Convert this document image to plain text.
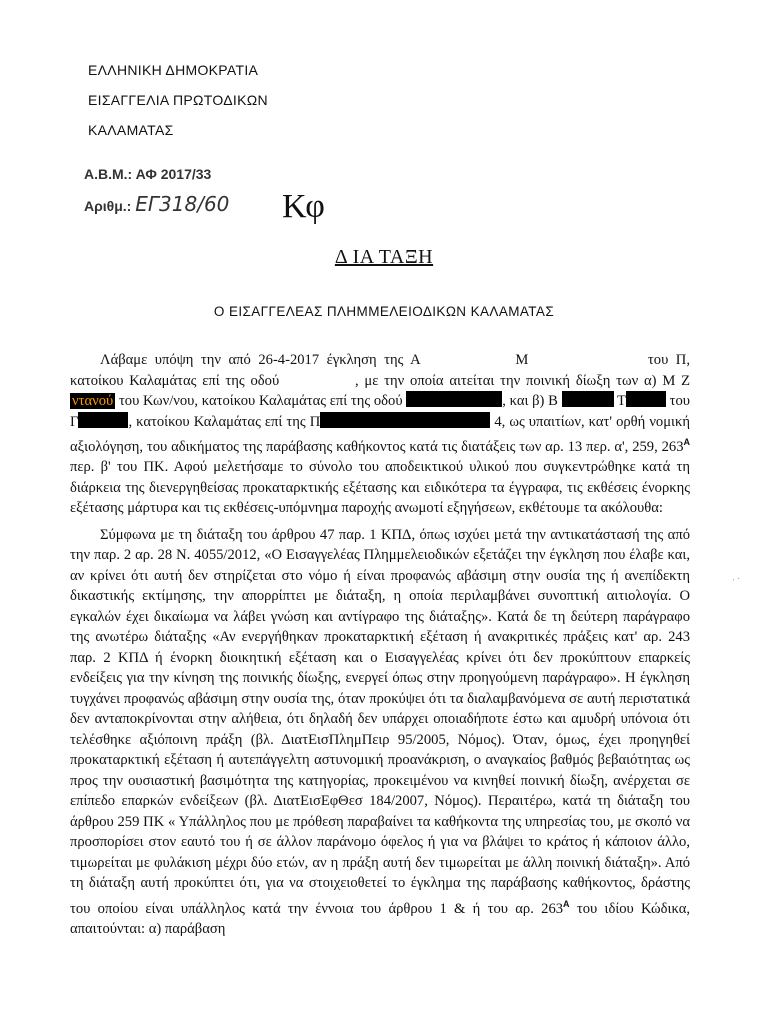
ΕΛΛΗΝΙΚΗ ΔΗΜΟΚΡΑΤΙΑ
ΕΙΣΑΓΓΕΛΙΑ ΠΡΩΤΟΔΙΚΩΝ
ΚΑΛΑΜΑΤΑΣ
Α.Β.Μ.: ΑΦ 2017/33
Αριθμ.: ΕΓ318/60 Κφ
Δ ΙΑ ΤΑΞΗ
Ο ΕΙΣΑΓΓΕΛΕΑΣ ΠΛΗΜΜΕΛΕΙΟΔΙΚΩΝ ΚΑΛΑΜΑΤΑΣ

Λάβαμε υπόψη την από 26-4-2017 έγκληση της Α	Μ	του Π, κατοίκου Καλαμάτας επί της οδού	, με την οποία αιτείται την ποινική δίωξη των α) Μ Ζ ντανού του Κων/νου, κατοίκου Καλαμάτας επί της οδού	, και β) Β	Τ	του Γ	, κατοίκου Καλαμάτας επί της Π	4, ως υπαιτίων, κατ' ορθή νομική αξιολόγηση, του αδικήματος της παράβασης καθήκοντος κατά τις διατάξεις των αρ. 13 περ. α', 259, $263^A$ περ. β' του ΠΚ. Αφού μελετήσαμε το σύνολο του αποδεικτικού υλικού που συγκεντρώθηκε κατά τη διάρκεια της διενεργηθείσας προκαταρκτικής εξέτασης και ειδικότερα τα έγγραφα, τις εκθέσεις ένορκης εξέτασης μάρτυρα και τις εκθέσεις-υπόμνημα παροχής ανωμοτί εξηγήσεων, εκθέτουμε τα ακόλουθα:

Σύμφωνα με τη διάταξη του άρθρου 47 παρ. 1 ΚΠΔ, όπως ισχύει μετά την αντικατάστασή της από την παρ. 2 αρ. 28 Ν. 4055/2012, «Ο Εισαγγελέας Πλημμελειοδικών εξετάζει την έγκληση που έλαβε και, αν κρίνει ότι αυτή δεν στηρίζεται στο νόμο ή είναι προφανώς αβάσιμη στην ουσία της ή ανεπίδεκτη δικαστικής εκτίμησης, την απορρίπτει με διάταξη, η οποία περιλαμβάνει συνοπτική αιτιολογία. Ο εγκαλών έχει δικαίωμα να λάβει γνώση και αντίγραφο της διάταξης». Κατά δε τη δεύτερη παράγραφο της ανωτέρω διάταξης «Αν ενεργήθηκαν προκαταρκτική εξέταση ή ανακριτικές πράξεις κατ' αρ. 243 παρ. 2 ΚΠΔ ή ένορκη διοικητική εξέταση και ο Εισαγγελέας κρίνει ότι δεν προκύπτουν επαρκείς ενδείξεις για την κίνηση της ποινικής δίωξης, ενεργεί όπως στην προηγούμενη παράγραφο». Η έγκληση τυγχάνει προφανώς αβάσιμη στην ουσία της, όταν προκύψει ότι τα διαλαμβανόμενα σε αυτή περιστατικά δεν ανταποκρίνονται στην αλήθεια, ότι δηλαδή δεν υπάρχει οποιαδήποτε έστω και αμυδρή υπόνοια ότι τελέσθηκε αξιόποινη πράξη (βλ. ΔιατΕισΠλημΠειρ 95/2005, Νόμος). Όταν, όμως, έχει προηγηθεί προκαταρκτική εξέταση ή αυτεπάγγελτη αστυνομική προανάκριση, ο αναγκαίος βαθμός βεβαιότητας ως προς την ουσιαστική βασιμότητα της κατηγορίας, προκειμένου να κινηθεί ποινική δίωξη, ανέρχεται σε επίπεδο επαρκών ενδείξεων (βλ. ΔιατΕισΕφΘεσ 184/2007, Νόμος). Περαιτέρω, κατά τη διάταξη του άρθρου 259 ΠΚ « Υπάλληλος που με πρόθεση παραβαίνει τα καθήκοντα της υπηρεσίας του, με σκοπό να προσπορίσει στον εαυτό του ή σε άλλον παράνομο όφελος ή για να βλάψει το κράτος ή κάποιον άλλο, τιμωρείται με φυλάκιση μέχρι δύο ετών, αν η πράξη αυτή δεν τιμωρείται με άλλη ποινική διάταξη». Από τη διάταξη αυτή προκύπτει ότι, για να στοιχειοθετεί το έγκλημα της παράβασης καθήκοντος, δράστης του οποίου είναι υπάλληλος κατά την έννοια του άρθρου 1 & ή του αρ. $263^A$ του ιδίου Κώδικα, απαιτούνται: α) παράβαση

· ·
